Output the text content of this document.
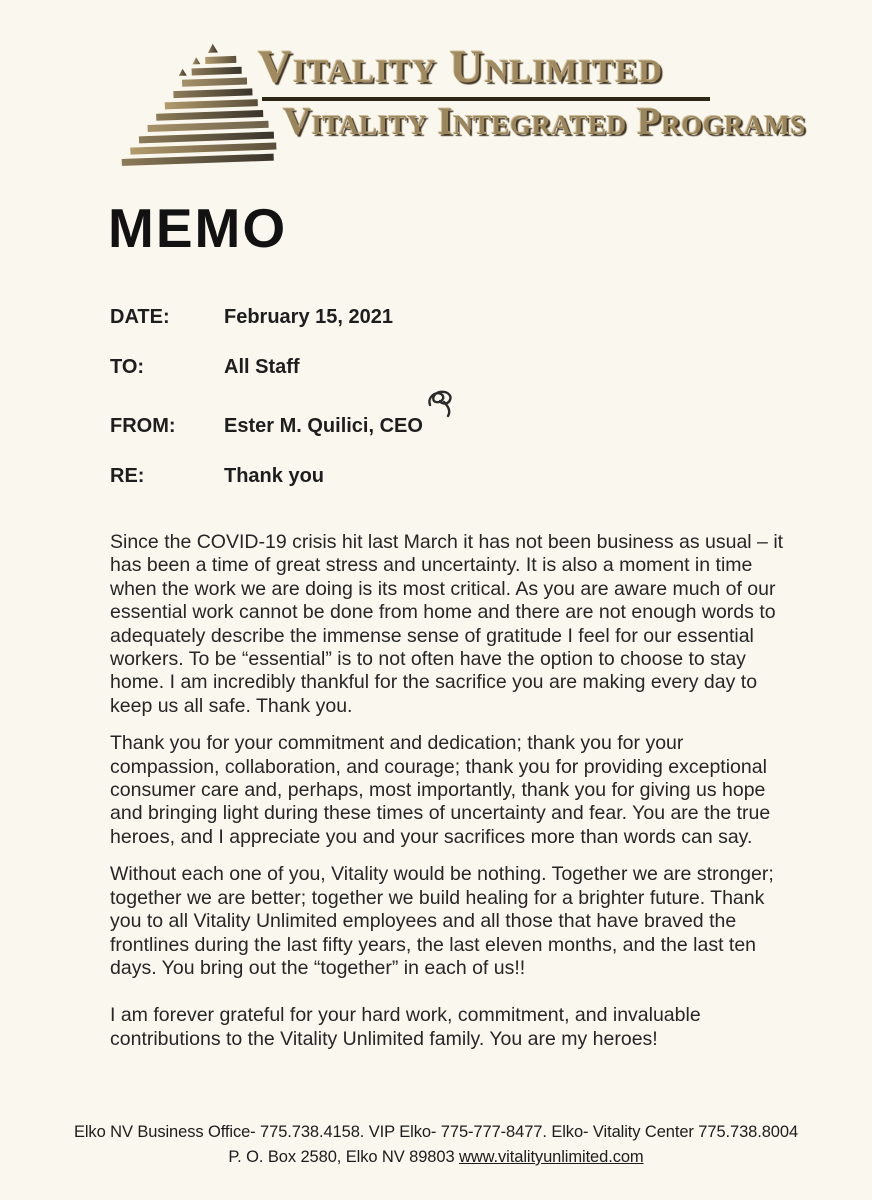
Vitality Unlimited
Vitality Integrated Programs
MEMO
DATE:	February 15, 2021
TO:	All Staff
FROM: Ester M. Quilici, CEO
RE:	Thank you

Since the COVID-19 crisis hit last March it has not been business as usual – it has been a time of great stress and uncertainty. It is also a moment in time when the work we are doing is its most critical. As you are aware much of our essential work cannot be done from home and there are not enough words to adequately describe the immense sense of gratitude I feel for our essential workers. To be “essential” is to not often have the option to choose to stay home. I am incredibly thankful for the sacrifice you are making every day to keep us all safe. Thank you.

Thank you for your commitment and dedication; thank you for your compassion, collaboration, and courage; thank you for providing exceptional consumer care and, perhaps, most importantly, thank you for giving us hope and bringing light during these times of uncertainty and fear. You are the true heroes, and I appreciate you and your sacrifices more than words can say.

Without each one of you, Vitality would be nothing. Together we are stronger; together we are better; together we build healing for a brighter future. Thank you to all Vitality Unlimited employees and all those that have braved the frontlines during the last fifty years, the last eleven months, and the last ten days. You bring out the “together” in each of us!!

I am forever grateful for your hard work, commitment, and invaluable contributions to the Vitality Unlimited family. You are my heroes!

Elko NV Business Office- 775.738.4158. VIP Elko- 775-777-8477. Elko- Vitality Center 775.738.8004
P. O. Box 2580, Elko NV 89803 www.vitalityunlimited.com
